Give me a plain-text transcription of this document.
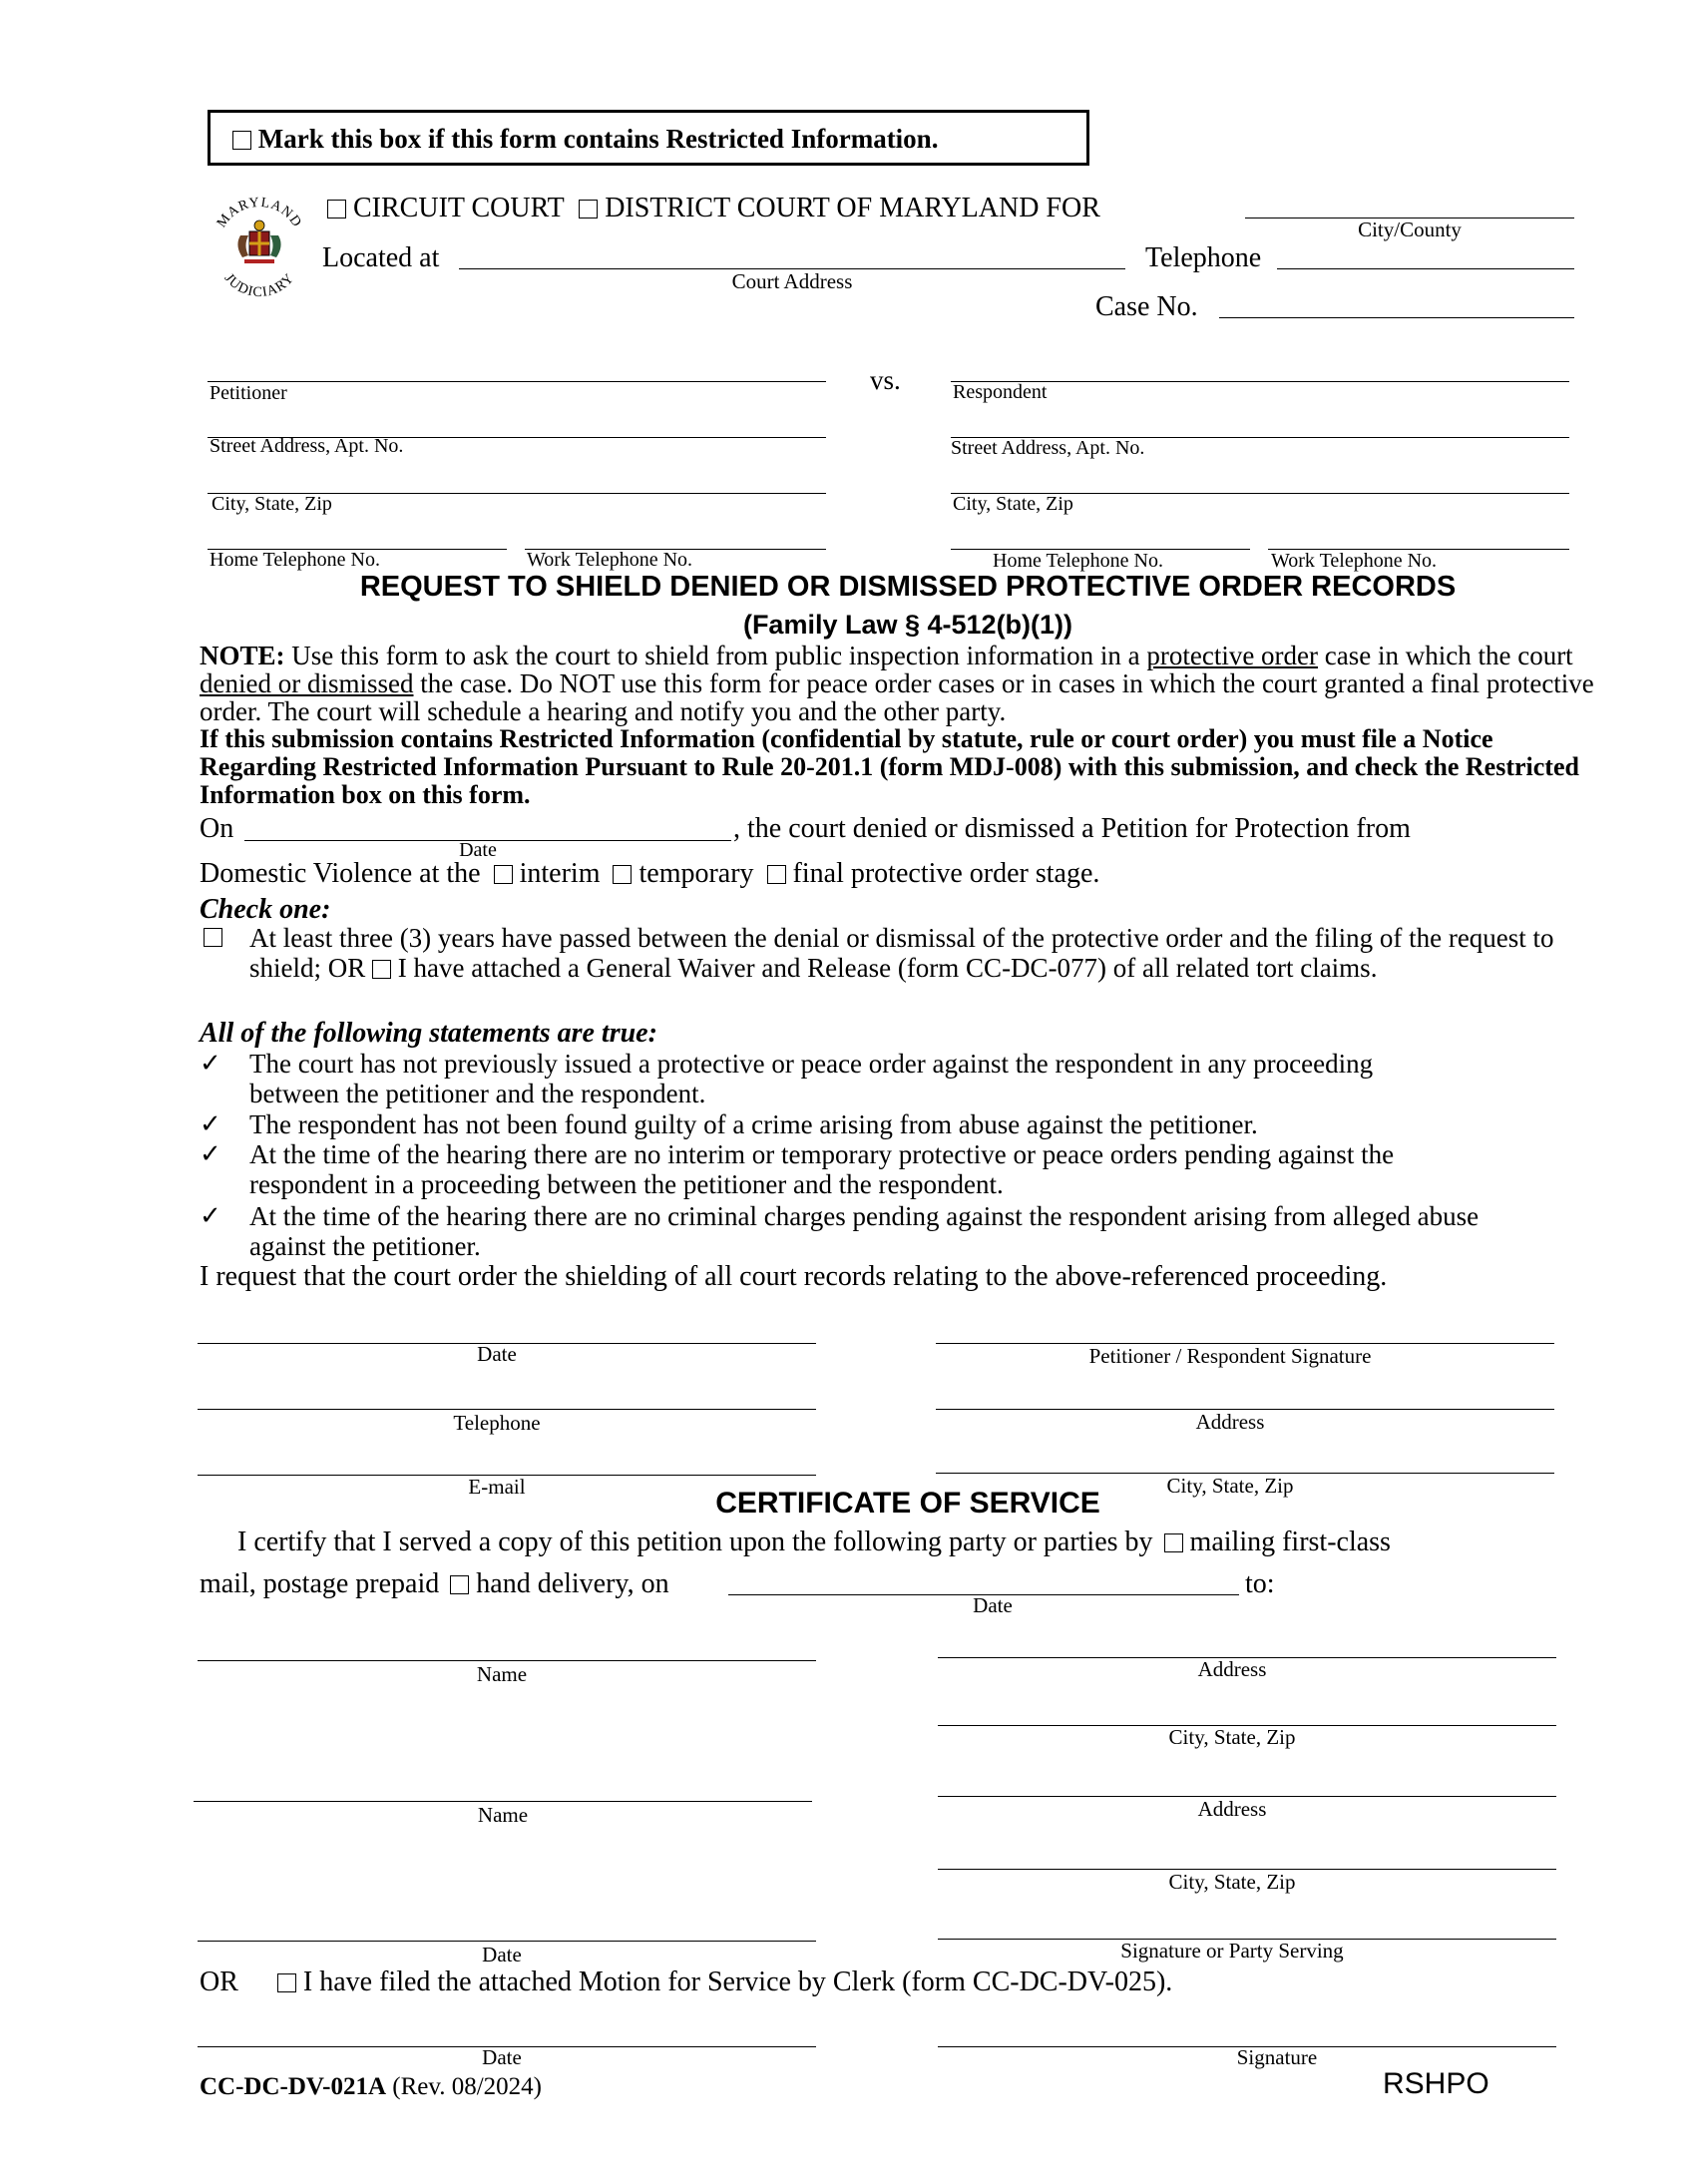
Mark this box if this form contains Restricted Information.
MARYLAND
JUDICIARY
CIRCUIT COURT DISTRICT COURT OF MARYLAND FOR
City/County
Located at
Court Address
Telephone
Case No.
vs.
Petitioner	Respondent
Street Address, Apt. No.	Street Address, Apt. No.
City, State, Zip	City, State, Zip
Home Telephone No.	Work Telephone No.	Home Telephone No.	Work Telephone No.
REQUEST TO SHIELD DENIED OR DISMISSED PROTECTIVE ORDER RECORDS
(Family Law § 4-512(b)(1))
NOTE: Use this form to ask the court to shield from public inspection information in a protective order case in which the court denied or dismissed the case. Do NOT use this form for peace order cases or in cases in which the court granted a final protective order. The court will schedule a hearing and notify you and the other party.
If this submission contains Restricted Information (confidential by statute, rule or court order) you must file a Notice Regarding Restricted Information Pursuant to Rule 20-201.1 (form MDJ-008) with this submission, and check the Restricted Information box on this form.
On
Date
, the court denied or dismissed a Petition for Protection from
Domestic Violence at the interim temporary final protective order stage.
Check one:
At least three (3) years have passed between the denial or dismissal of the protective order and the filing of the request to shield; OR I have attached a General Waiver and Release (form CC-DC-077) of all related tort claims.
All of the following statements are true:
✓ The court has not previously issued a protective or peace order against the respondent in any proceeding between the petitioner and the respondent.
✓ The respondent has not been found guilty of a crime arising from abuse against the petitioner.
✓ At the time of the hearing there are no interim or temporary protective or peace orders pending against the respondent in a proceeding between the petitioner and the respondent.
✓ At the time of the hearing there are no criminal charges pending against the respondent arising from alleged abuse against the petitioner.
I request that the court order the shielding of all court records relating to the above-referenced proceeding.
Date	Petitioner / Respondent Signature
Telephone	Address
E-mail	City, State, Zip
CERTIFICATE OF SERVICE
I certify that I served a copy of this petition upon the following party or parties by mailing first-class
mail, postage prepaid hand delivery, on
Date
to:
Name	Address
City, State, Zip
Name	Address
City, State, Zip
Date	Signature or Party Serving
OR I have filed the attached Motion for Service by Clerk (form CC-DC-DV-025).
Date	Signature
CC-DC-DV-021A (Rev. 08/2024)	RSHPO
